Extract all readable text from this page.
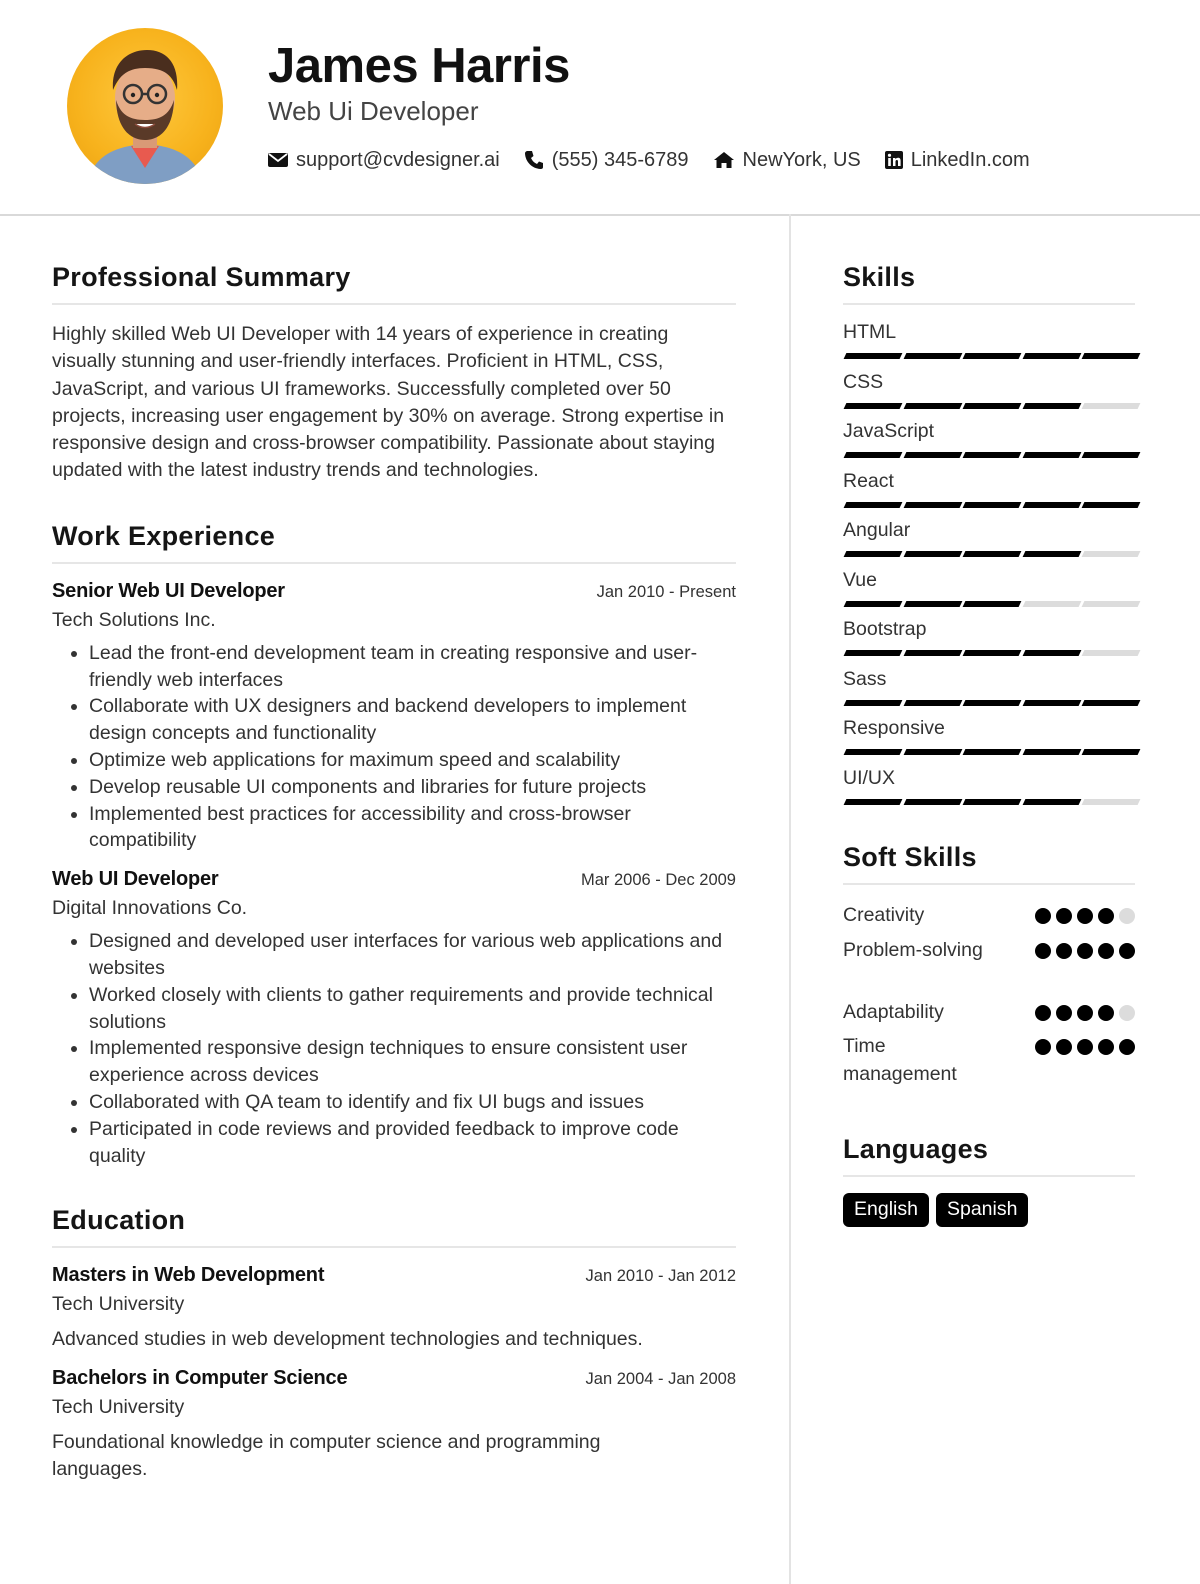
James Harris
Web Ui Developer
support@cvdesigner.ai	(555) 345-6789	NewYork, US	LinkedIn.com
Professional Summary

Highly skilled Web UI Developer with 14 years of experience in creating visually stunning and user-friendly interfaces. Proficient in HTML, CSS, JavaScript, and various UI frameworks. Successfully completed over 50 projects, increasing user engagement by 30% on average. Strong expertise in responsive design and cross-browser compatibility. Passionate about staying updated with the latest industry trends and technologies.

Work Experience
Senior Web UI Developer	Jan 2010 - Present
Tech Solutions Inc.
• Lead the front-end development team in creating responsive and user-friendly web interfaces
• Collaborate with UX designers and backend developers to implement design concepts and functionality
• Optimize web applications for maximum speed and scalability
• Develop reusable UI components and libraries for future projects
• Implemented best practices for accessibility and cross-browser compatibility
Web UI Developer	Mar 2006 - Dec 2009
Digital Innovations Co.
• Designed and developed user interfaces for various web applications and websites
• Worked closely with clients to gather requirements and provide technical solutions
• Implemented responsive design techniques to ensure consistent user experience across devices
• Collaborated with QA team to identify and fix UI bugs and issues
• Participated in code reviews and provided feedback to improve code quality
Education
Masters in Web Development	Jan 2010 - Jan 2012
Tech University
Advanced studies in web development technologies and techniques.
Bachelors in Computer Science	Jan 2004 - Jan 2008
Tech University
Foundational knowledge in computer science and programming languages.
Skills
HTML
CSS
JavaScript
React
Angular
Vue
Bootstrap
Sass
Responsive
UI/UX
Soft Skills
Creativity
Problem-solving
Adaptability
Time management
Languages
English	Spanish
